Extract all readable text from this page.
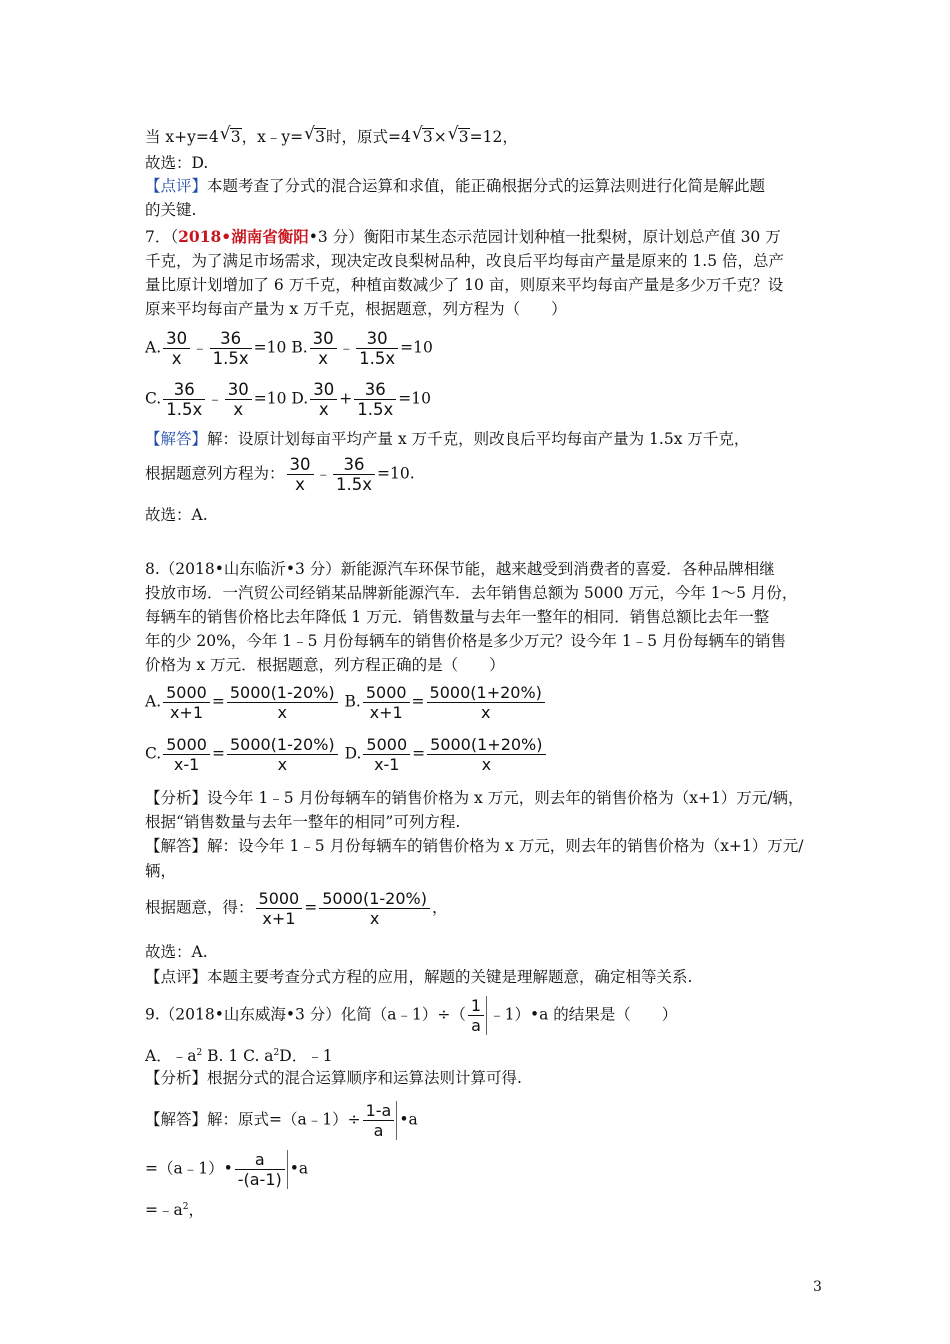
当 x+y=4 √ 3，x﹣y= √ 3时，原式=4 √ 3× √ 3=12，
故选：D.
【点评】本题考查了分式的混合运算和求值，能正确根据分式的运算法则进行化简是解此题
的关键.
7．（2018•湖南省衡阳•3 分）衡阳市某生态示范园计划种植一批梨树，原计划总产值 30 万
千克，为了满足市场需求，现决定改良梨树品种，改良后平均每亩产量是原来的 1.5 倍，总产
量比原计划增加了 6 万千克，种植亩数减少了 10 亩，则原来平均每亩产量是多少万千克？设
原来平均每亩产量为 x 万千克，根据题意，列方程为（　　）
A. $\frac{30}{x}$ ﹣ $\frac{36}{1.5x} =10$ B. $\frac{30}{x}$ ﹣ $\frac{30}{1.5x} =10$
C. $\frac{36}{1.5x}$ ﹣ $\frac{30}{x} =10$ D. $\frac{30}{x} + \frac{36}{1.5x} =10$
【解答】解：设原计划每亩平均产量 x 万千克，则改良后平均每亩产量为 1.5x 万千克，
根据题意列方程为： $\frac{30}{x}$ ﹣ $\frac{36}{1.5x} =10$.
故选：A.
8.（2018•山东临沂•3 分）新能源汽车环保节能，越来越受到消费者的喜爱．各种品牌相继
投放市场．一汽贸公司经销某品牌新能源汽车．去年销售总额为 5000 万元，今年 1～5 月份，
每辆车的销售价格比去年降低 1 万元．销售数量与去年一整年的相同．销售总额比去年一整
年的少 20%，今年 1﹣5 月份每辆车的销售价格是多少万元？设今年 1﹣5 月份每辆车的销售
价格为 x 万元．根据题意，列方程正确的是（　　）
A. $\frac{5000}{x+1} = \frac{5000(1-20\%)}{x} B$. $\frac{5000}{x+1} = \frac{5000(1+20\%)}{x}$
C. $\frac{5000}{x-1} = \frac{5000(1-20\%)}{x} D$. $\frac{5000}{x-1} = \frac{5000(1+20\%)}{x}$
【分析】设今年 1﹣5 月份每辆车的销售价格为 x 万元，则去年的销售价格为（x+1）万元/辆，
根据“销售数量与去年一整年的相同”可列方程.
【解答】解：设今年 1﹣5 月份每辆车的销售价格为 x 万元，则去年的销售价格为（x+1）万元/
辆，
根据题意，得： $\frac{5000}{x+1} = \frac{5000(1-20\%)}{x}$ ，
故选：A.
【点评】本题主要考查分式方程的应用，解题的关键是理解题意，确定相等关系.
9.（2018•山东威海•3 分）化简（a﹣1）÷（ $\frac{1}{a}$ ﹣1）•a 的结果是（　　）
A．$﹣a^2$ B. 1 C. $a^2D$．﹣1
【分析】根据分式的混合运算顺序和运算法则计算可得.
【解答】解：原式=（a﹣1）÷ $\frac{1-a}{a}$ •a
=（a﹣1）• $\frac{a}{-(a-1)}$ •a
$=﹣a^2$，
3
